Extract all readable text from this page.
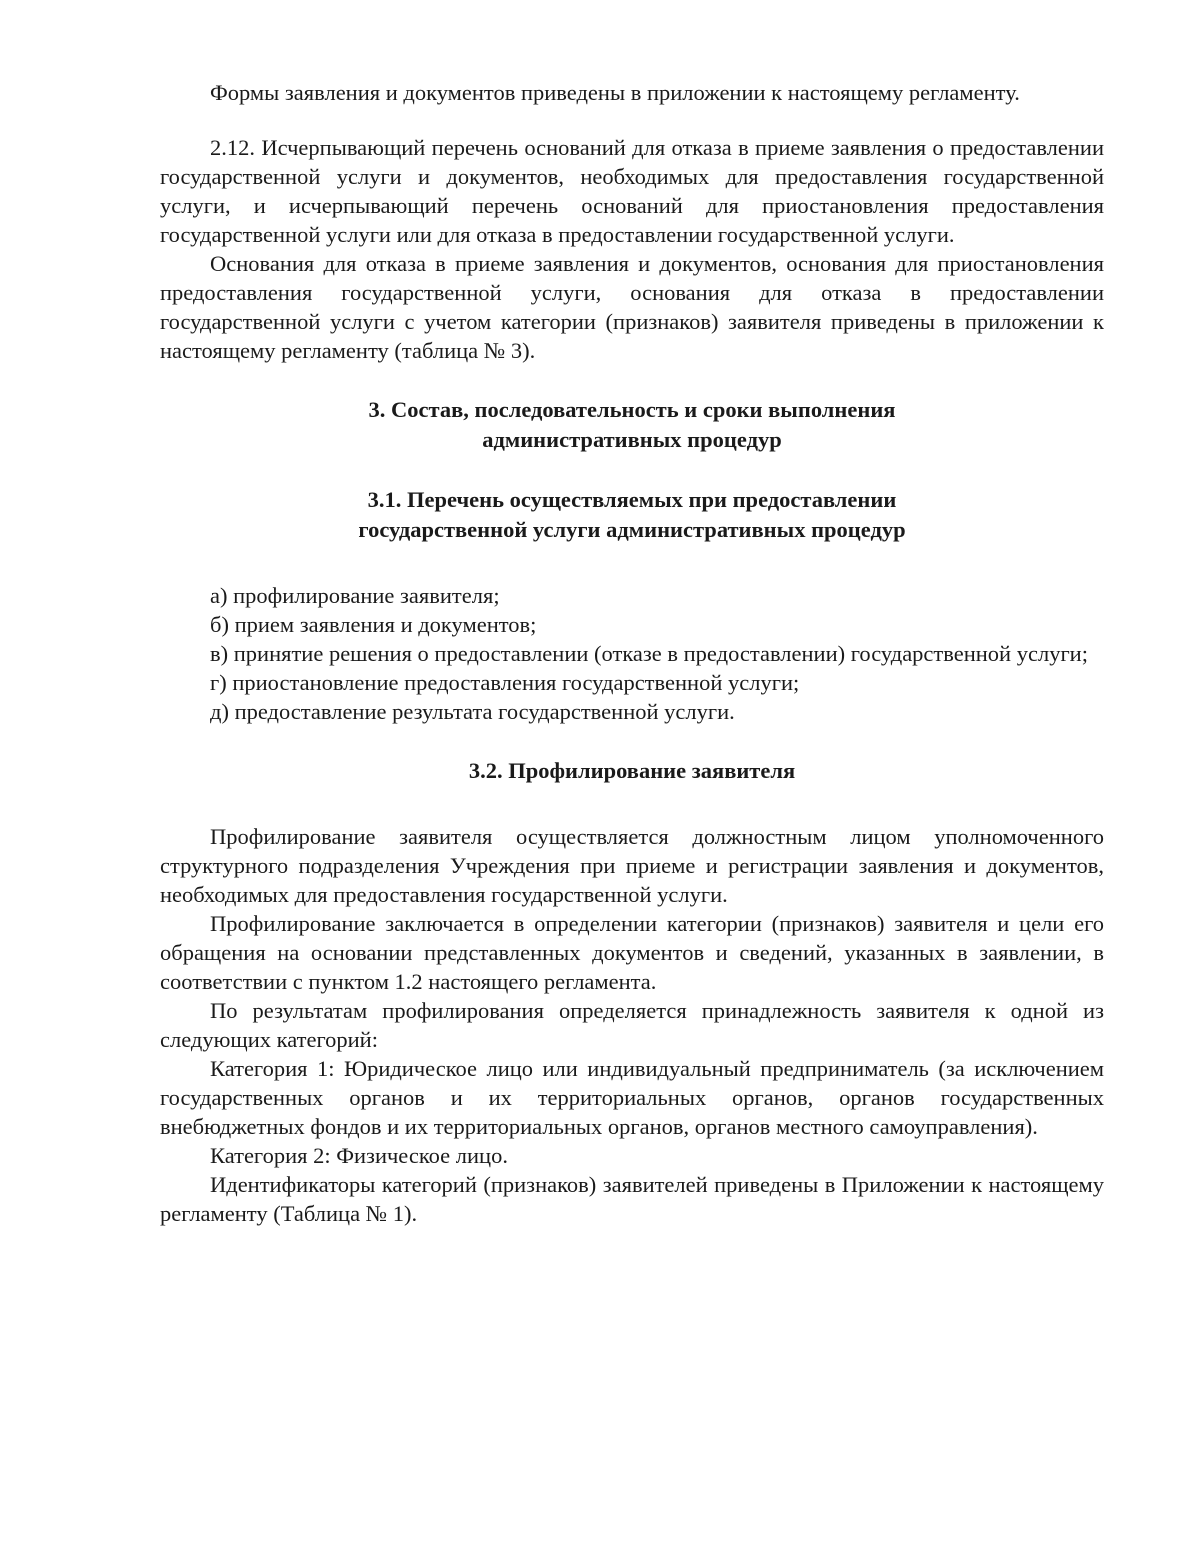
Формы заявления и документов приведены в приложении к настоящему регламенту.

2.12. Исчерпывающий перечень оснований для отказа в приеме заявления о предоставлении государственной услуги и документов, необходимых для предоставления государственной услуги, и исчерпывающий перечень оснований для приостановления предоставления государственной услуги или для отказа в предоставлении государственной услуги.

Основания для отказа в приеме заявления и документов, основания для приостановления предоставления государственной услуги, основания для отказа в предоставлении государственной услуги с учетом категории (признаков) заявителя приведены в приложении к настоящему регламенту (таблица № 3).

3. Состав, последовательность и сроки выполнения
административных процедур
3.1. Перечень осуществляемых при предоставлении
государственной услуги административных процедур

а) профилирование заявителя;

б) прием заявления и документов;

в) принятие решения о предоставлении (отказе в предоставлении) государственной услуги;

г) приостановление предоставления государственной услуги;

д) предоставление результата государственной услуги.

3.2. Профилирование заявителя

Профилирование заявителя осуществляется должностным лицом уполномоченного структурного подразделения Учреждения при приеме и регистрации заявления и документов, необходимых для предоставления государственной услуги.

Профилирование заключается в определении категории (признаков) заявителя и цели его обращения на основании представленных документов и сведений, указанных в заявлении, в соответствии с пунктом 1.2 настоящего регламента.

По результатам профилирования определяется принадлежность заявителя к одной из следующих категорий:

Категория 1: Юридическое лицо или индивидуальный предприниматель (за исключением государственных органов и их территориальных органов, органов государственных внебюджетных фондов и их территориальных органов, органов местного самоуправления).

Категория 2: Физическое лицо.

Идентификаторы категорий (признаков) заявителей приведены в Приложении к настоящему регламенту (Таблица № 1).
